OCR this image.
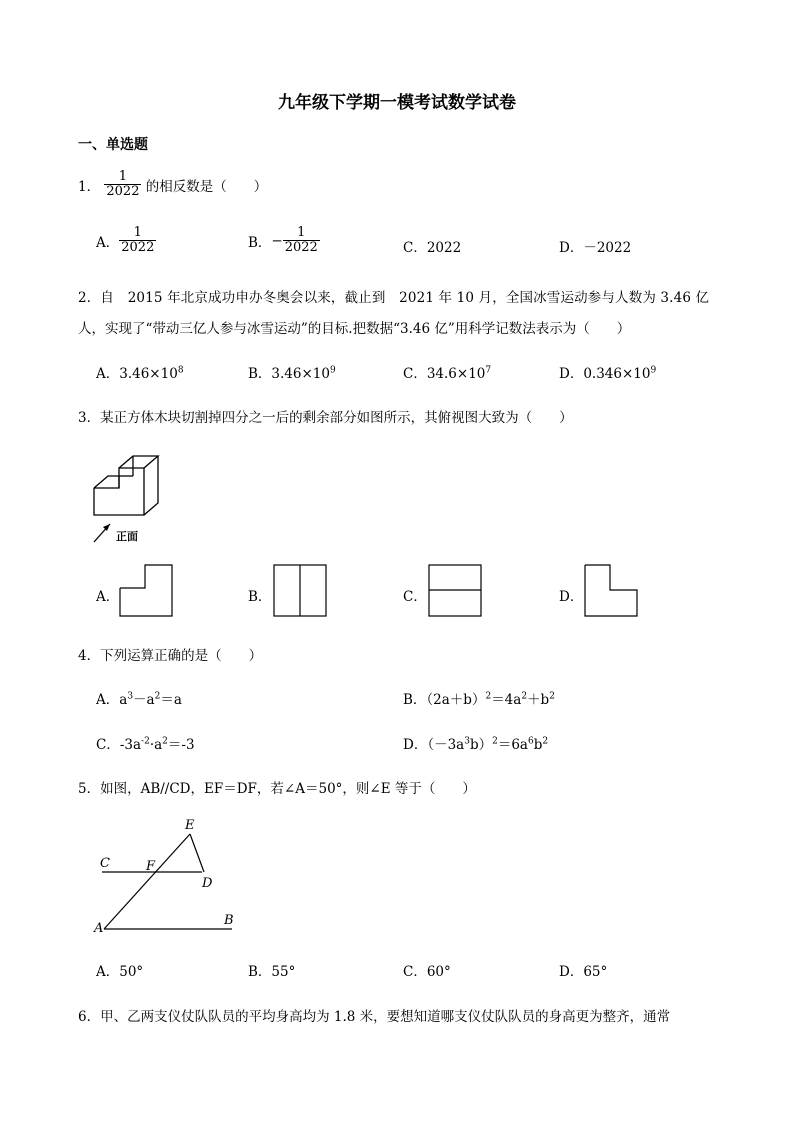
九年级下学期一模考试数学试卷
一、单选题
1． $\frac{1}{2022}$ 的相反数是（　　）
A． $\frac{1}{2022}$	B．− $\frac{1}{2022}$	C．2022	D．－2022
2．自　2015 年北京成功申办冬奥会以来，截止到　2021 年 10 月，全国冰雪运动参与人数为 3.46 亿
人，实现了“带动三亿人参与冰雪运动”的目标.把数据“3.46 亿”用科学记数法表示为（　　）
A．$3.46\times 10^8$	B．$3.46\times 10^9$	C．$34.6\times 10^7$	D．$0.346\times 10^9$
3．某正方体木块切割掉四分之一后的剩余部分如图所示，其俯视图大致为（　　）
正面
A．	B．	C．	D．
4．下列运算正确的是（　　）
A．$a^3-a^2=a$	B．$(2a+b)^2=4a^2+b^2$
C．$-3a^{-2}\cdot a^2=-3$	D．$(-3a^3b)^2=6a^6b^2$
5．如图，AB//CD，EF＝DF，若∠A＝50°，则∠E 等于（　　）
E
C	F
D
A
B
A．50°	B．55°	C．60°	D．65°
6．甲、乙两支仪仗队队员的平均身高均为 1.8 米，要想知道哪支仪仗队队员的身高更为整齐，通常
